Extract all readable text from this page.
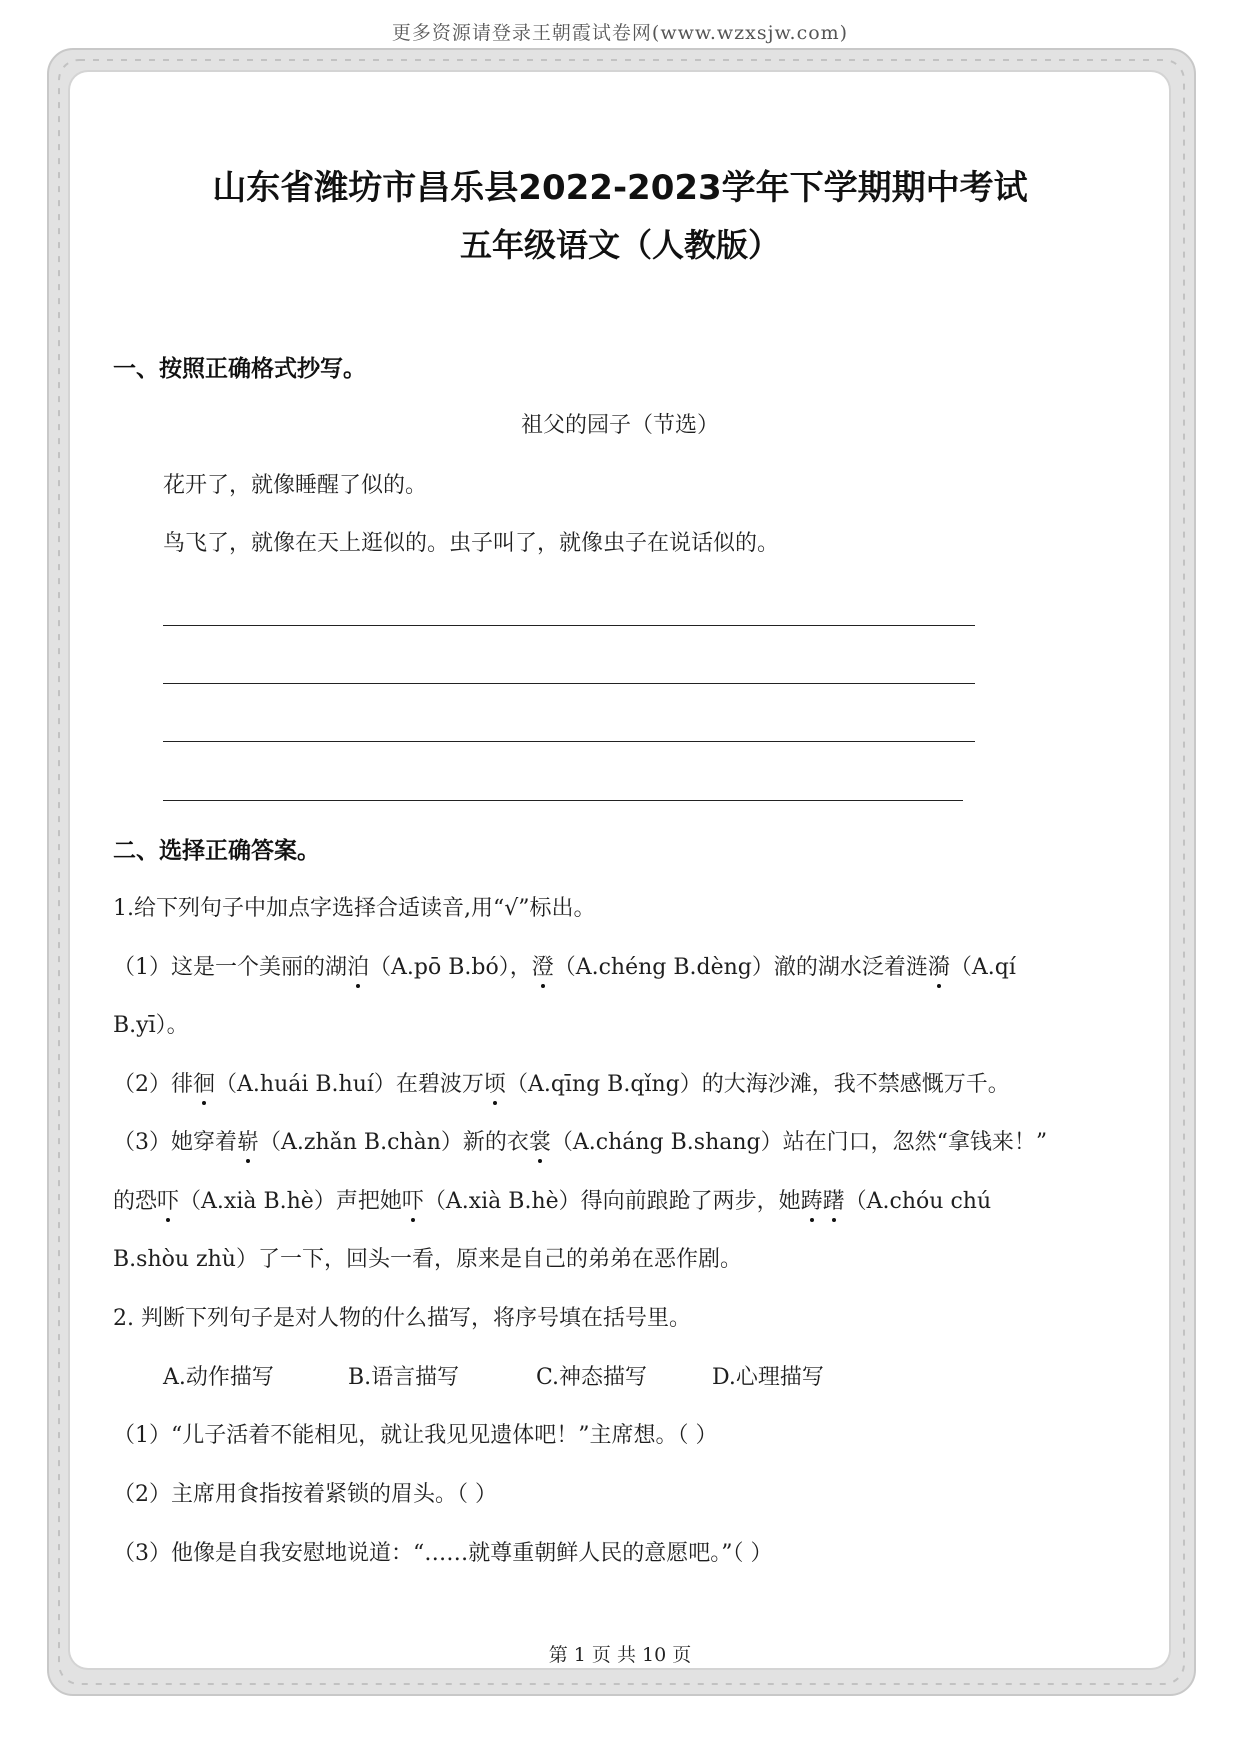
更多资源请登录王朝霞试卷网(www.wzxsjw.com)
山东省潍坊市昌乐县2022-2023学年下学期期中考试
五年级语文（人教版）
一、按照正确格式抄写。
祖父的园子（节选）
花开了，就像睡醒了似的。
鸟飞了，就像在天上逛似的。虫子叫了，就像虫子在说话似的。
二、选择正确答案。
1.给下列句子中加点字选择合适读音,用“√”标出。
（1）这是一个美丽的湖泊（A.pō B.bó），澄（A.chéng B.dèng）澈的湖水泛着涟漪（A.qí
B.yī）。
（2）徘徊（A.huái B.huí）在碧波万顷（A.qīng B.qǐng）的大海沙滩，我不禁感慨万千。
（3）她穿着崭（A.zhǎn B.chàn）新的衣裳（A.cháng B.shang）站在门口，忽然“拿钱来！”
的恐吓（A.xià B.hè）声把她吓（A.xià B.hè）得向前踉跄了两步，她踌躇（A.chóu chú
B.shòu zhù）了一下，回头一看，原来是自己的弟弟在恶作剧。
2. 判断下列句子是对人物的什么描写，将序号填在括号里。
A.动作描写	B.语言描写	C.神态描写	D.心理描写
（1）“儿子活着不能相见，就让我见见遗体吧！”主席想。（ ）
（2）主席用食指按着紧锁的眉头。（ ）
（3）他像是自我安慰地说道：“……就尊重朝鲜人民的意愿吧。”（ ）
第 1 页 共 10 页
